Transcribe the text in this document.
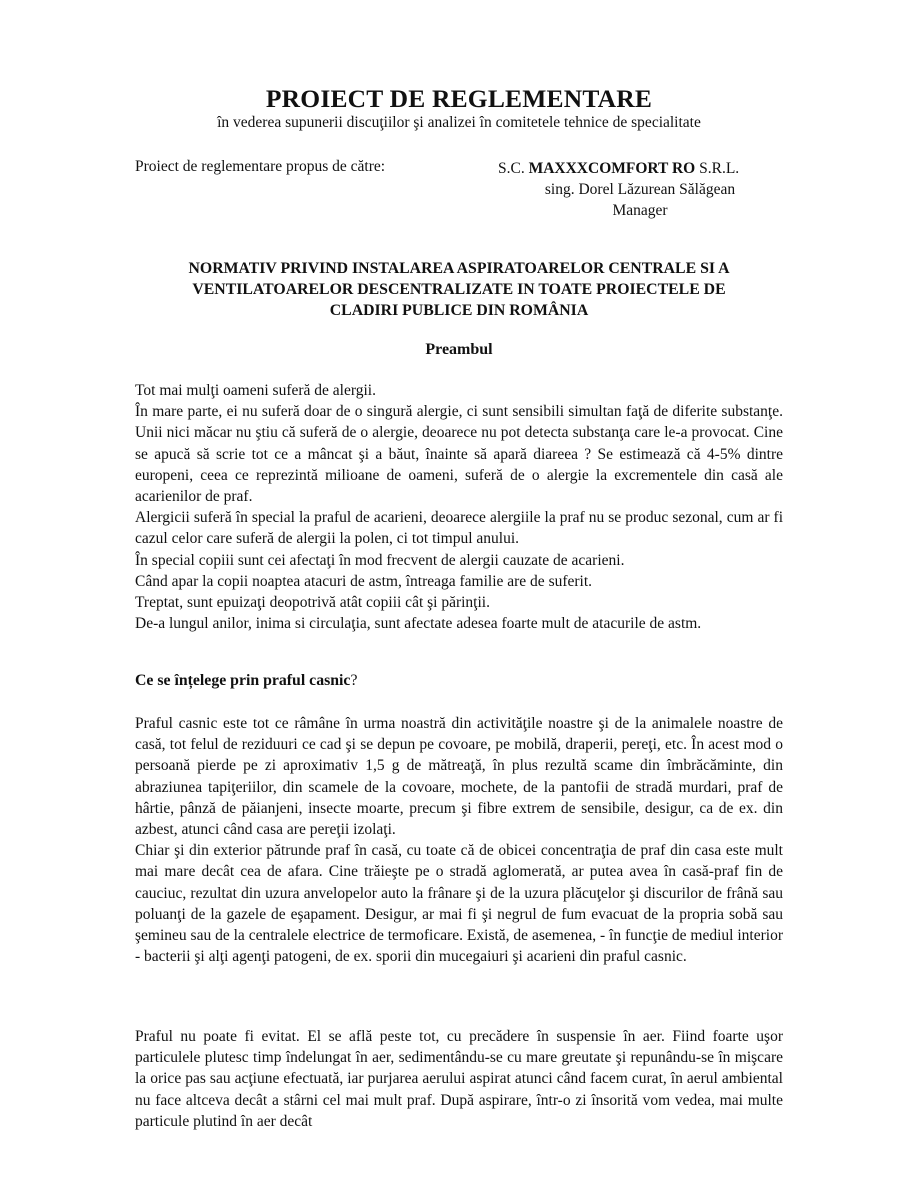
PROIECT DE REGLEMENTARE
în vederea supunerii discuţiilor şi analizei în comitetele tehnice de specialitate
Proiect de reglementare propus de către:	S.C. MAXXXCOMFORT RO S.R.L.
sing. Dorel Lăzurean Sălăgean
Manager
NORMATIV PRIVIND INSTALAREA ASPIRATOARELOR CENTRALE SI A
VENTILATOARELOR DESCENTRALIZATE IN TOATE PROIECTELE DE
CLADIRI PUBLICE DIN ROMÂNIA
Preambul

Tot mai mulţi oameni suferă de alergii.

În mare parte, ei nu suferă doar de o singură alergie, ci sunt sensibili simultan faţă de diferite substanţe. Unii nici măcar nu ştiu că suferă de o alergie, deoarece nu pot detecta substanţa care le-a provocat. Cine se apucă să scrie tot ce a mâncat şi a băut, înainte să apară diareea ? Se estimează că 4-5% dintre europeni, ceea ce reprezintă milioane de oameni, suferă de o alergie la excrementele din casă ale acarienilor de praf.

Alergicii suferă în special la praful de acarieni, deoarece alergiile la praf nu se produc sezonal, cum ar fi cazul celor care suferă de alergii la polen, ci tot timpul anului.

În special copiii sunt cei afectaţi în mod frecvent de alergii cauzate de acarieni.

Când apar la copii noaptea atacuri de astm, întreaga familie are de suferit.

Treptat, sunt epuizaţi deopotrivă atât copiii cât şi părinţii.

De-a lungul anilor, inima si circulaţia, sunt afectate adesea foarte mult de atacurile de astm.

Ce se înțelege prin praful casnic?

Praful casnic este tot ce râmâne în urma noastră din activităţile noastre şi de la animalele noastre de casă, tot felul de reziduuri ce cad şi se depun pe covoare, pe mobilă, draperii, pereţi, etc. În acest mod o persoană pierde pe zi aproximativ 1,5 g de mătreaţă, în plus rezultă scame din îmbrăcăminte, din abraziunea tapiţeriilor, din scamele de la covoare, mochete, de la pantofii de stradă murdari, praf de hârtie, pânză de păianjeni, insecte moarte, precum şi fibre extrem de sensibile, desigur, ca de ex. din azbest, atunci când casa are pereţii izolaţi.

Chiar şi din exterior pătrunde praf în casă, cu toate că de obicei concentraţia de praf din casa este mult mai mare decât cea de afara. Cine trăieşte pe o stradă aglomerată, ar putea avea în casă-praf fin de cauciuc, rezultat din uzura anvelopelor auto la frânare şi de la uzura plăcuţelor şi discurilor de frână sau poluanţi de la gazele de eşapament. Desigur, ar mai fi şi negrul de fum evacuat de la propria sobă sau şemineu sau de la centralele electrice de termoficare. Există, de asemenea, - în funcţie de mediul interior - bacterii şi alţi agenţi patogeni, de ex. sporii din mucegaiuri şi acarieni din praful casnic.

Praful nu poate fi evitat. El se află peste tot, cu precădere în suspensie în aer. Fiind foarte uşor particulele plutesc timp îndelungat în aer, sedimentându-se cu mare greutate şi repunându-se în mişcare la orice pas sau acţiune efectuată, iar purjarea aerului aspirat atunci când facem curat, în aerul ambiental nu face altceva decât a stârni cel mai mult praf. După aspirare, într-o zi însorită vom vedea, mai multe particule plutind în aer decât
